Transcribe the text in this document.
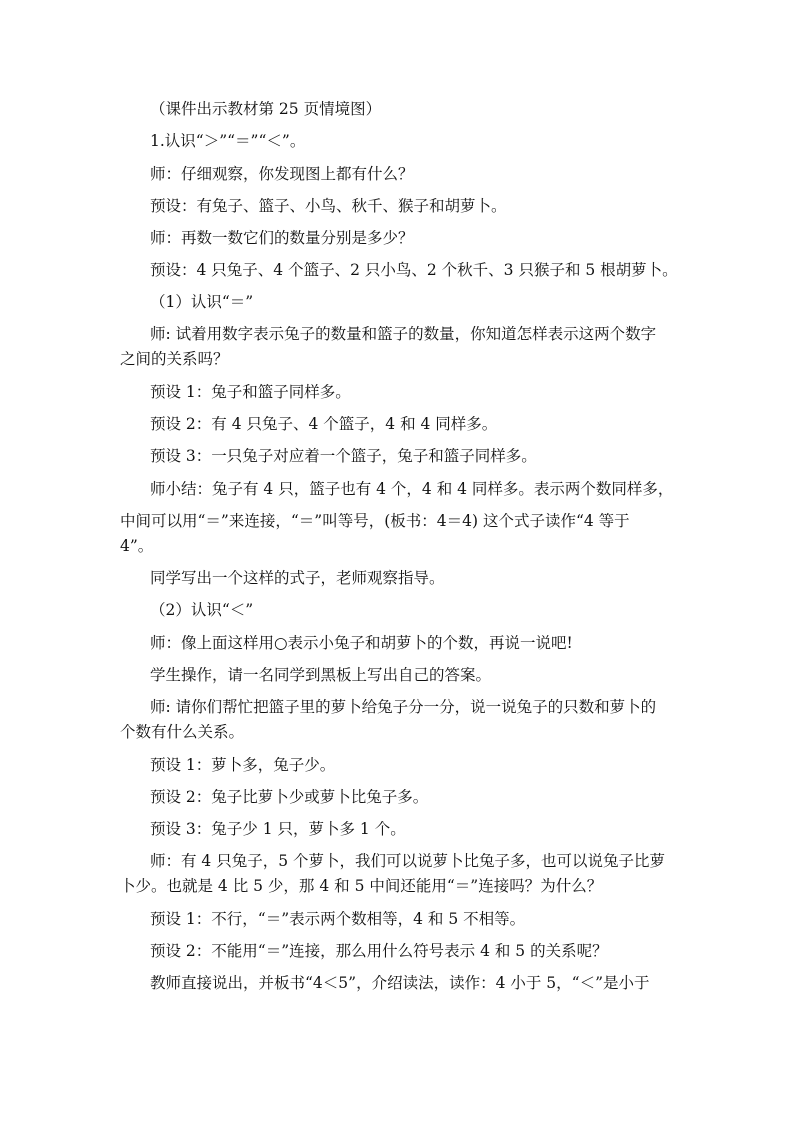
（课件出示教材第 25 页情境图）
1.认识“＞”“＝”“＜”。
师：仔细观察，你发现图上都有什么？
预设：有兔子、篮子、小鸟、秋千、猴子和胡萝卜。
师：再数一数它们的数量分别是多少？
预设：4 只兔子、4 个篮子、2 只小鸟、2 个秋千、3 只猴子和 5 根胡萝卜。
（1）认识“＝”
师: 试着用数字表示兔子的数量和篮子的数量，你知道怎样表示这两个数字
之间的关系吗？
预设 1：兔子和篮子同样多。
预设 2：有 4 只兔子、4 个篮子，4 和 4 同样多。
预设 3：一只兔子对应着一个篮子，兔子和篮子同样多。
师小结：兔子有 4 只，篮子也有 4 个，4 和 4 同样多。表示两个数同样多，
中间可以用“＝”来连接，“＝”叫等号，(板书：4＝4) 这个式子读作“4 等于
4”。
同学写出一个这样的式子，老师观察指导。
（2）认识“＜”
师：像上面这样用○表示小兔子和胡萝卜的个数，再说一说吧!
学生操作，请一名同学到黑板上写出自己的答案。
师: 请你们帮忙把篮子里的萝卜给兔子分一分，说一说兔子的只数和萝卜的
个数有什么关系。
预设 1：萝卜多，兔子少。
预设 2：兔子比萝卜少或萝卜比兔子多。
预设 3：兔子少 1 只，萝卜多 1 个。
师：有 4 只兔子，5 个萝卜，我们可以说萝卜比兔子多，也可以说兔子比萝
卜少。也就是 4 比 5 少，那 4 和 5 中间还能用“＝”连接吗？为什么？
预设 1：不行，“＝”表示两个数相等，4 和 5 不相等。
预设 2：不能用“＝”连接，那么用什么符号表示 4 和 5 的关系呢？
教师直接说出，并板书“4＜5”，介绍读法，读作：4 小于 5，“＜”是小于
